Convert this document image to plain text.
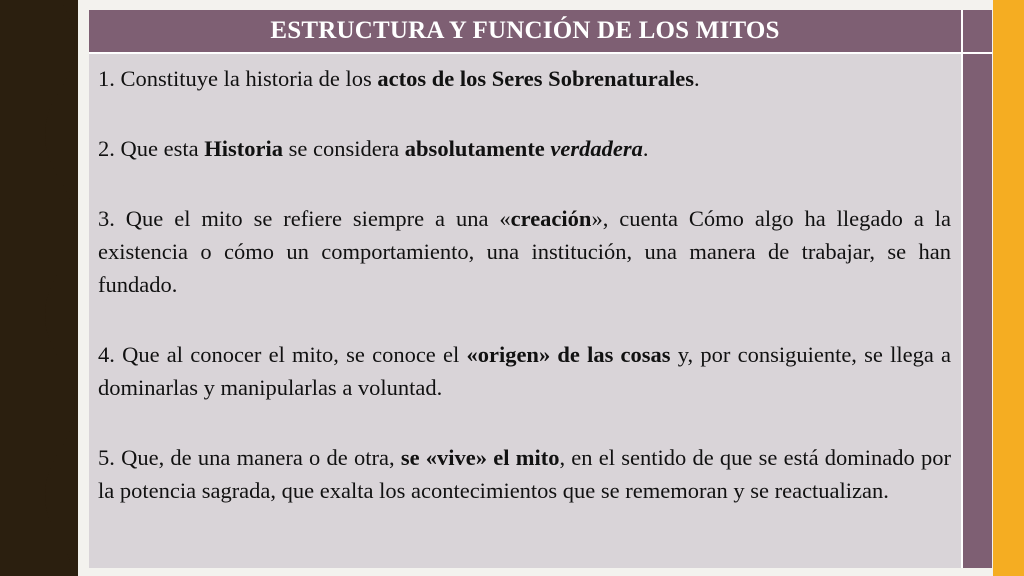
ESTRUCTURA Y FUNCIÓN DE LOS MITOS
1. Constituye la historia de los actos de los Seres Sobrenaturales.
2. Que esta Historia se considera absolutamente verdadera.
3. Que el mito se refiere siempre a una «creación», cuenta Cómo algo ha llegado a la existencia o cómo un comportamiento, una institución, una manera de trabajar, se han fundado.
4. Que al conocer el mito, se conoce el «origen» de las cosas y, por consiguiente, se llega a dominarlas y manipularlas a voluntad.
5. Que, de una manera o de otra, se «vive» el mito, en el sentido de que se está dominado por la potencia sagrada, que exalta los acontecimientos que se rememoran y se reactualizan.
